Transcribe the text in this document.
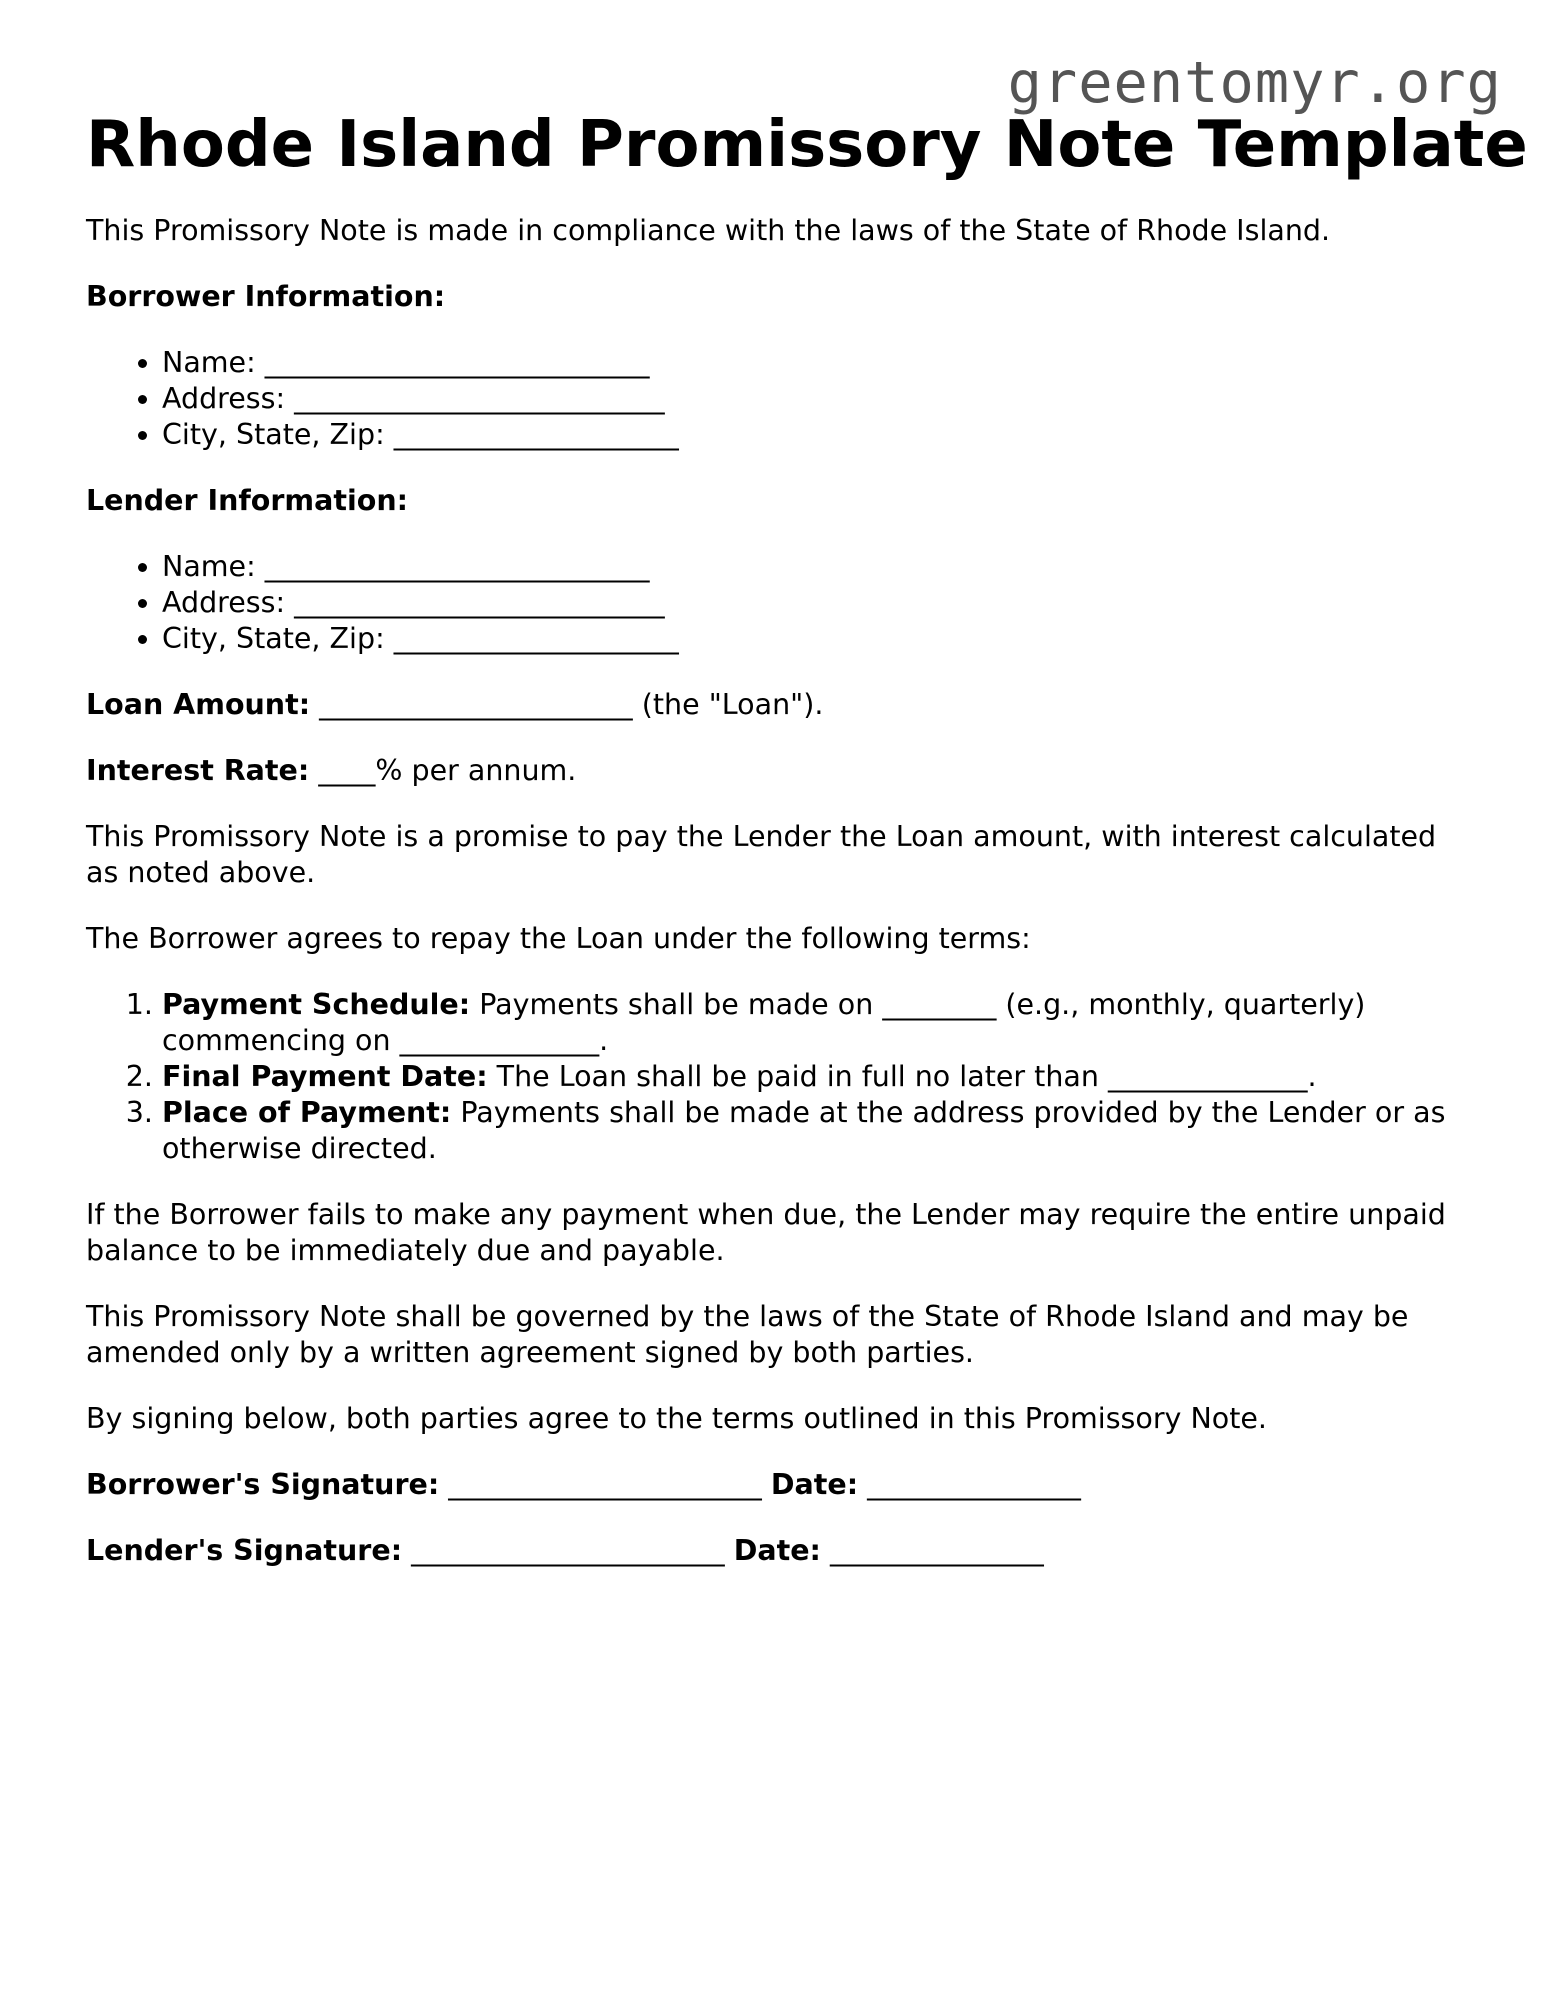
greentomyr.org
Rhode Island Promissory Note Template

This Promissory Note is made in compliance with the laws of the State of Rhode Island.

Borrower Information:

• Name: ___________________________
• Address: __________________________
• City, State, Zip: ____________________

Lender Information:

• Name: ___________________________
• Address: __________________________
• City, State, Zip: ____________________

Loan Amount: ______________________ (the "Loan").

Interest Rate: ____% per annum.

This Promissory Note is a promise to pay the Lender the Loan amount, with interest calculated as noted above.

The Borrower agrees to repay the Loan under the following terms:

1. Payment Schedule: Payments shall be made on ________ (e.g., monthly, quarterly) commencing on ______________.
2. Final Payment Date: The Loan shall be paid in full no later than ______________.
3. Place of Payment: Payments shall be made at the address provided by the Lender or as otherwise directed.

If the Borrower fails to make any payment when due, the Lender may require the entire unpaid balance to be immediately due and payable.

This Promissory Note shall be governed by the laws of the State of Rhode Island and may be amended only by a written agreement signed by both parties.

By signing below, both parties agree to the terms outlined in this Promissory Note.

Borrower's Signature: ______________________ Date: _______________

Lender's Signature: ______________________ Date: _______________
